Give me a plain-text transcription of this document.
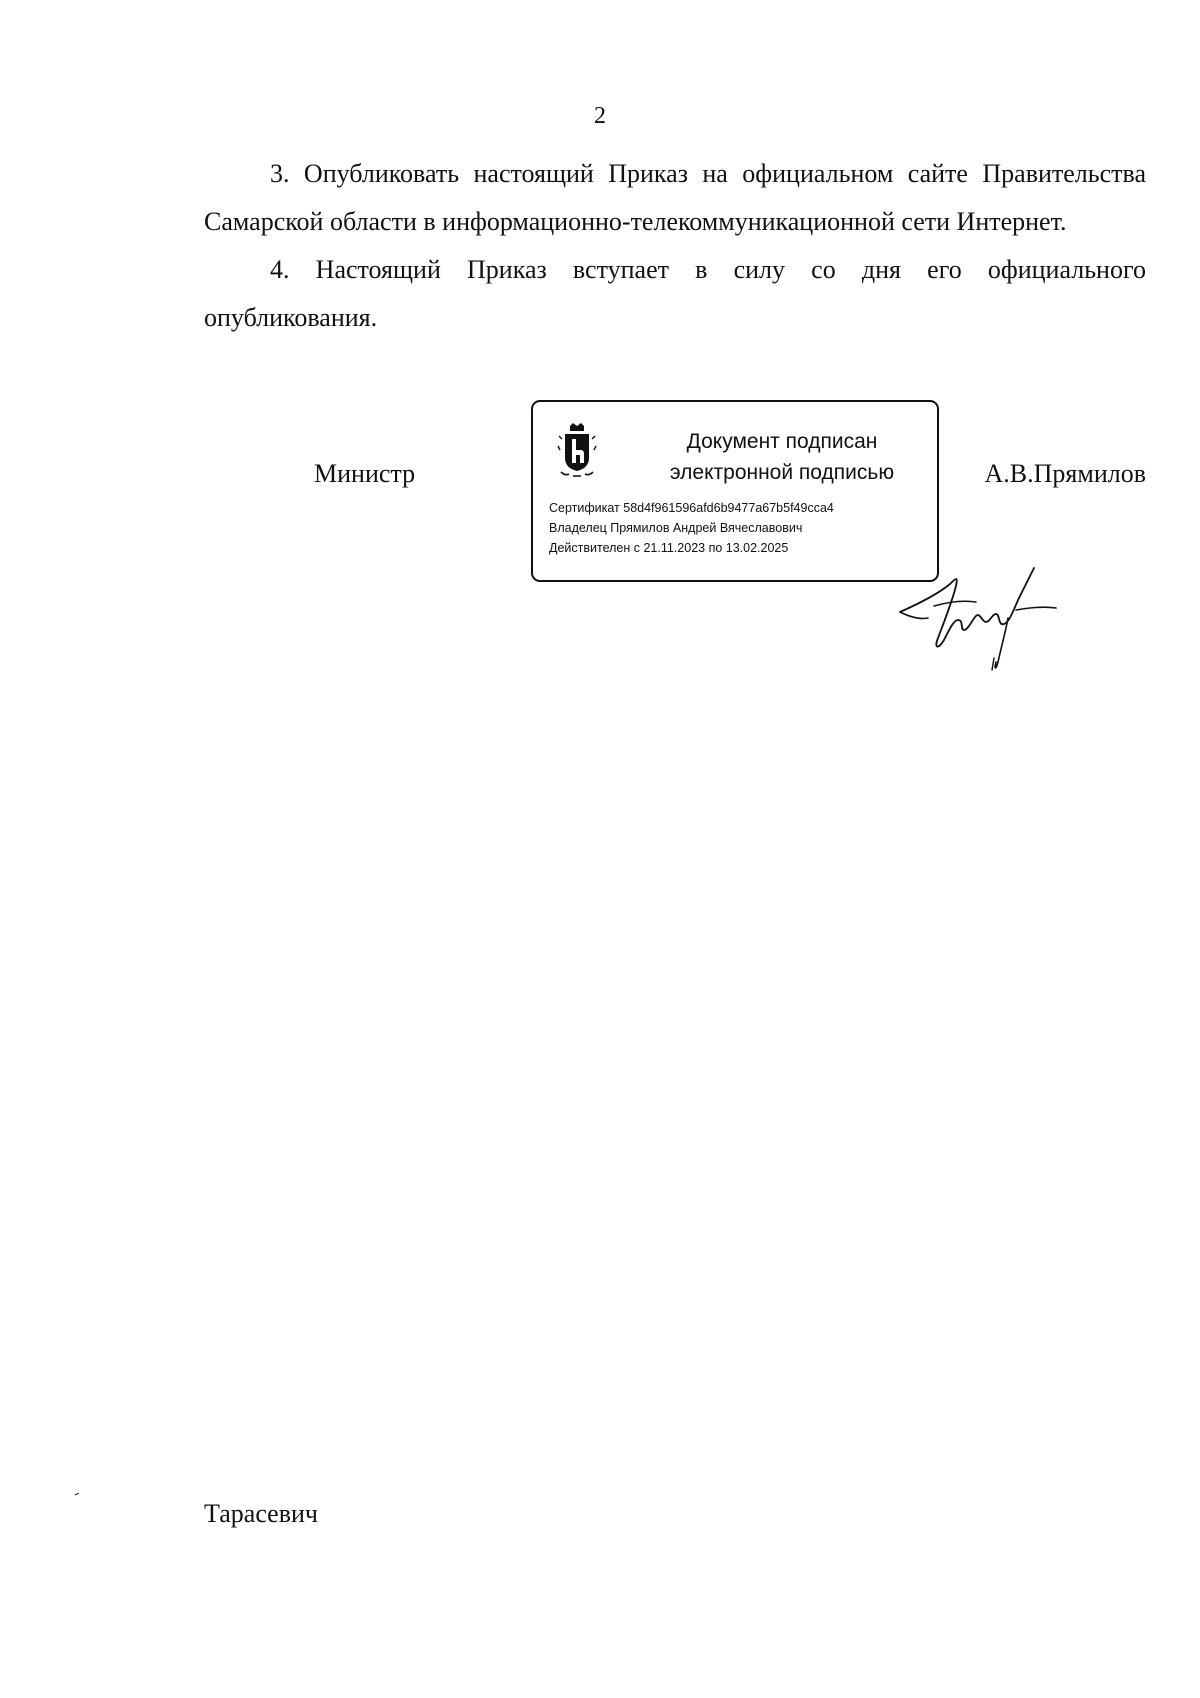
2

3. Опубликовать настоящий Приказ на официальном сайте Правительства Самарской области в информационно-телекоммуникационной сети Интернет.

4. Настоящий Приказ вступает в силу со дня его официального опубликования.

Министр
Документ подписан
электронной подписью
Сертификат 58d4f961596afd6b9477a67b5f49cca4
Владелец Прямилов Андрей Вячеславович
Действителен с 21.11.2023 по 13.02.2025
А.В.Прямилов
Тарасевич
